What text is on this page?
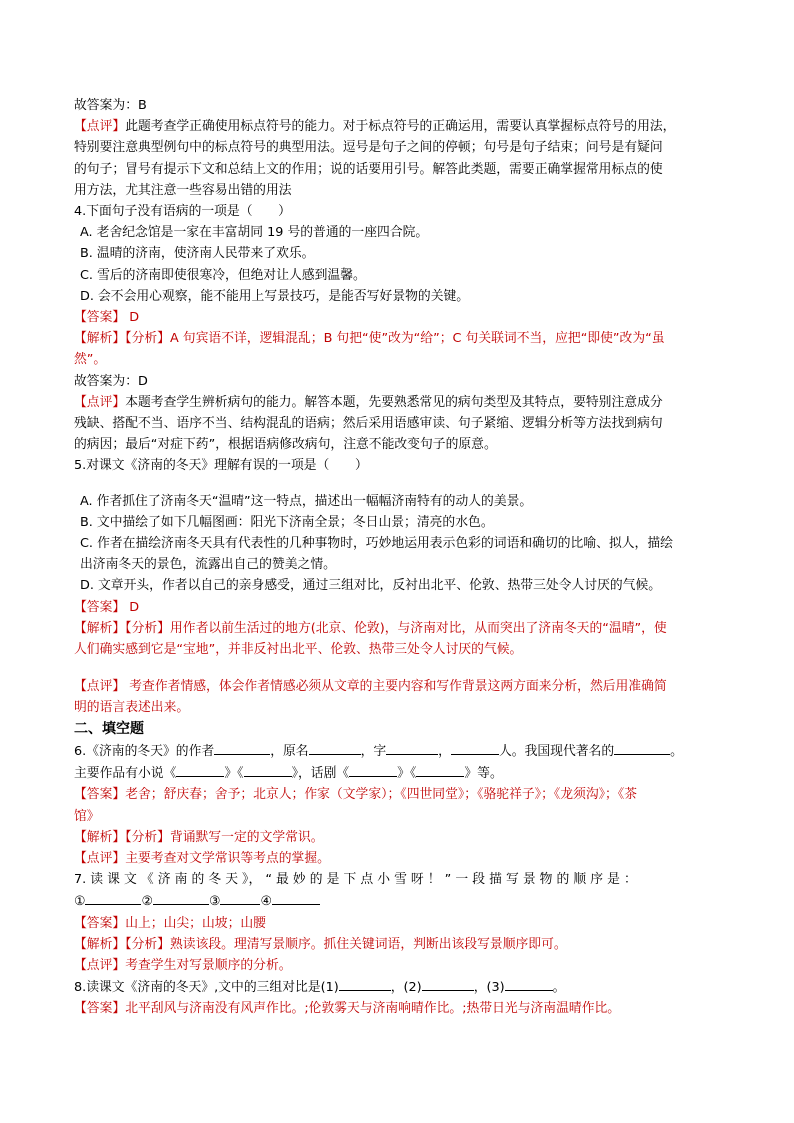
故答案为：B
【点评】此题考查学正确使用标点符号的能力。对于标点符号的正确运用，需要认真掌握标点符号的用法，
特别要注意典型例句中的标点符号的典型用法。逗号是句子之间的停顿；句号是句子结束；问号是有疑问
的句子；冒号有提示下文和总结上文的作用；说的话要用引号。解答此类题，需要正确掌握常用标点的使
用方法，尤其注意一些容易出错的用法
4.下面句子没有语病的一项是（　　）
A. 老舍纪念馆是一家在丰富胡同 19 号的普通的一座四合院。
B. 温晴的济南，使济南人民带来了欢乐。
C. 雪后的济南即使很寒冷，但绝对让人感到温馨。
D. 会不会用心观察，能不能用上写景技巧，是能否写好景物的关键。
【答案】 D
【解析】【分析】A 句宾语不详，逻辑混乱；B 句把“使”改为“给”；C 句关联词不当，应把“即使”改为“虽
然”。
故答案为：D
【点评】本题考查学生辨析病句的能力。解答本题，先要熟悉常见的病句类型及其特点，要特别注意成分
残缺、搭配不当、语序不当、结构混乱的语病；然后采用语感审读、句子紧缩、逻辑分析等方法找到病句
的病因；最后“对症下药”，根据语病修改病句，注意不能改变句子的原意。
5.对课文《济南的冬天》理解有误的一项是（　　）
A. 作者抓住了济南冬天“温晴”这一特点，描述出一幅幅济南特有的动人的美景。
B. 文中描绘了如下几幅图画：阳光下济南全景；冬日山景；清亮的水色。
C. 作者在描绘济南冬天具有代表性的几种事物时，巧妙地运用表示色彩的词语和确切的比喻、拟人，描绘
出济南冬天的景色，流露出自己的赞美之情。
D. 文章开头，作者以自己的亲身感受，通过三组对比，反衬出北平、伦敦、热带三处令人讨厌的气候。
【答案】 D
【解析】【分析】用作者以前生活过的地方(北京、伦敦)，与济南对比，从而突出了济南冬天的“温晴”，使
人们确实感到它是“宝地”，并非反衬出北平、伦敦、热带三处令人讨厌的气候。
【点评】 考查作者情感，体会作者情感必须从文章的主要内容和写作背景这两方面来分析，然后用准确简
明的语言表述出来。
二、填空题
6.《济南的冬天》的作者	，原名	，字	，	人。我国现代著名的	。
主要作品有小说《	》《	》，话剧《	》《	》等。
【答案】老舍；舒庆春；舍予；北京人；作家（文学家）；《四世同堂》；《骆驼祥子》；《龙须沟》；《茶
馆》
【解析】【分析】背诵默写一定的文学常识。
【点评】主要考查对文学常识等考点的掌握。
7. 读 课 文 《 济 南 的 冬 天 》， “ 最 妙 的 是 下 点 小 雪 呀 ！ ” 一 段 描 写 景 物 的 顺 序 是 ：
①	②	③	④
【答案】山上；山尖；山坡；山腰
【解析】【分析】熟读该段。理清写景顺序。抓住关键词语，判断出该段写景顺序即可。
【点评】考查学生对写景顺序的分析。
8.读课文《济南的冬天》,文中的三组对比是(1)	，(2)	，(3)	。
【答案】北平刮风与济南没有风声作比。;伦敦雾天与济南响晴作比。;热带日光与济南温晴作比。
